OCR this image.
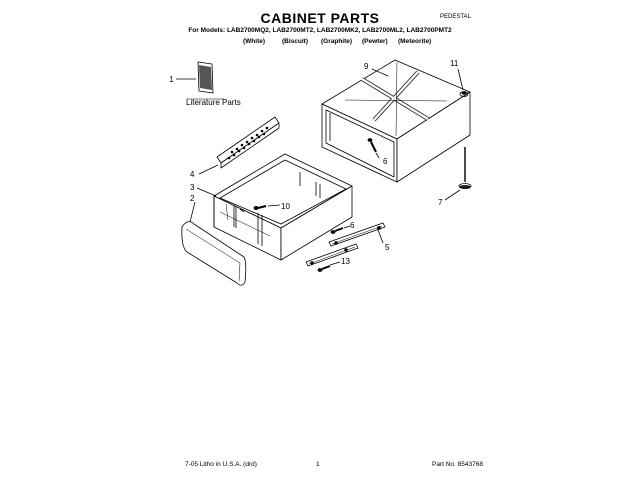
CABINET PARTS	PEDESTAL
For Models: LAB2700MQ2, LAB2700MT2, LAB2700MK2, LAB2700ML2, LAB2700PMT2
(White)	(Biscuit) (Graphite) (Pewter) (Meteorite)
Literature Parts
1
2
3
4
5
6
6
7
9
10
11
13
7-05 Litho in U.S.A. (drd)	1	Part No. 8543768
